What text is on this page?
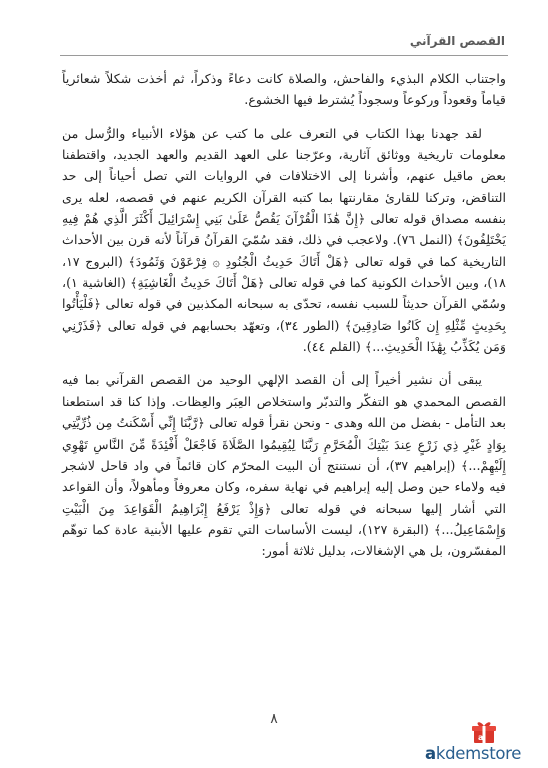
القصص القرآني

واجتناب الكلام البذيء والفاحش، والصلاة كانت دعاءً وذكراً، ثم أخذت شكلاً شعائرياً قياماً وقعوداً وركوعاً وسجوداً يُشترط فيها الخشوع.

لقد جهدنا بهذا الكتاب في التعرف على ما كتب عن هؤلاء الأنبياء والرُّسل من معلومات تاريخية ووثائق آثارية، وعرّجنا على العهد القديم والعهد الجديد، واقتطفنا بعض ماقيل عنهم، وأشرنا إلى الاختلافات في الروايات التي تصل أحياناً إلى حد التناقض، وتركنا للقارئ مقارنتها بما كتبه القرآن الكريم عنهم في قصصه، لعله يرى بنفسه مصداق قوله تعالى ﴿إِنَّ هَٰذَا الْقُرْآنَ يَقُصُّ عَلَىٰ بَنِي إِسْرَائِيلَ أَكْثَرَ الَّذِي هُمْ فِيهِ يَخْتَلِفُونَ﴾ (النمل ٧٦). ولاعجب في ذلك، فقد سُمّيَ القرآنُ قرآناً لأنه قرن بين الأحداث التاريخية كما في قوله تعالى ﴿هَلْ أَتَاكَ حَدِيثُ الْجُنُودِ ۞ فِرْعَوْنَ وَثَمُودَ﴾ (البروج ١٧، ١٨)، وبين الأحداث الكونية كما في قوله تعالى ﴿هَلْ أَتَاكَ حَدِيثُ الْغَاشِيَةِ﴾ (الغاشية ١)، وسُمّي القرآن حديثاً للسبب نفسه، تحدّى به سبحانه المكذبين في قوله تعالى ﴿فَلْيَأْتُوا بِحَدِيثٍ مِّثْلِهِ إِن كَانُوا صَادِقِينَ﴾ (الطور ٣٤)، وتعهّد بحسابهم في قوله تعالى ﴿فَذَرْنِي وَمَن يُكَذِّبُ بِهَٰذَا الْحَدِيثِ...﴾ (القلم ٤٤).

يبقى أن نشير أخيراً إلى أن القصد الإلهي الوحيد من القصص القرآني بما فيه القصص المحمدي هو التفكّر والتدبّر واستخلاص العِبَر والعِظات. وإذا كنا قد استطعنا بعد التأمل - بفضل من الله وهدى - ونحن نقرأ قوله تعالى ﴿رَّبَّنَا إِنِّي أَسْكَنتُ مِن ذُرِّيَّتِي بِوَادٍ غَيْرِ ذِي زَرْعٍ عِندَ بَيْتِكَ الْمُحَرَّمِ رَبَّنَا لِيُقِيمُوا الصَّلَاةَ فَاجْعَلْ أَفْئِدَةً مِّنَ النَّاسِ تَهْوِي إِلَيْهِمْ...﴾ (إبراهيم ٣٧)، أن نستنتج أن البيت المحرّم كان قائماً في واد قاحل لاشجر فيه ولاماء حين وصل إليه إبراهيم في نهاية سفره، وكان معروفاً ومأهولاً، وأن القواعد التي أشار إليها سبحانه في قوله تعالى ﴿وَإِذْ يَرْفَعُ إِبْرَاهِيمُ الْقَوَاعِدَ مِنَ الْبَيْتِ وَإِسْمَاعِيلُ...﴾ (البقرة ١٢٧)، ليست الأساسات التي تقوم عليها الأبنية عادة كما توهّم المفسّرون، بل هي الإشغالات، بدليل ثلاثة أمور:

٨
a
akdemstore
